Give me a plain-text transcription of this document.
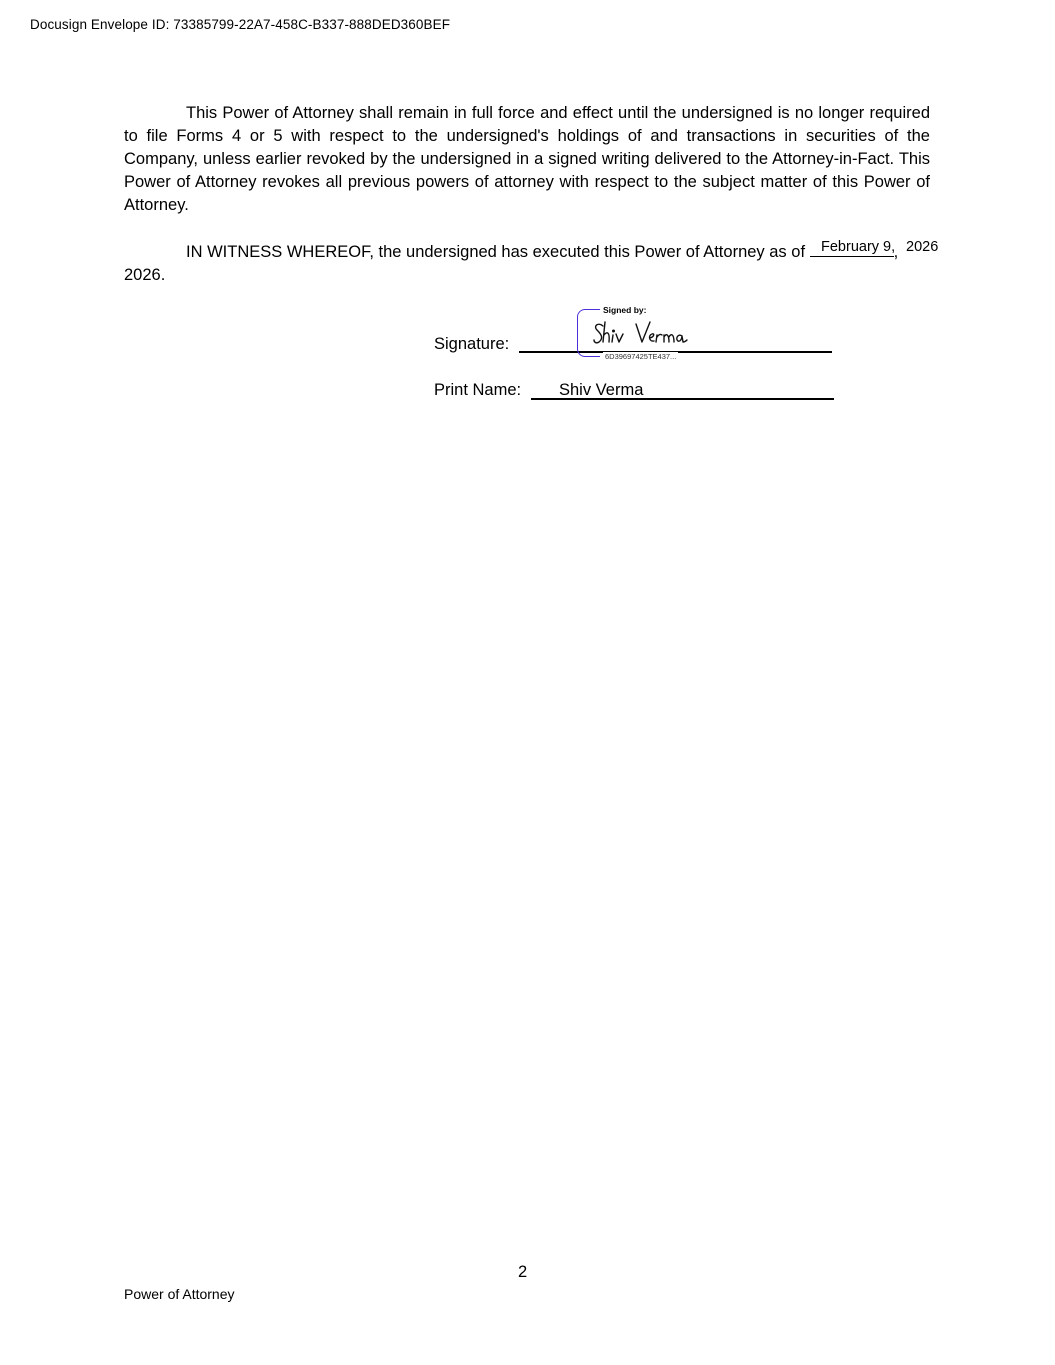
Docusign Envelope ID: 73385799-22A7-458C-B337-888DED360BEF

This Power of Attorney shall remain in full force and effect until the undersigned is no longer required to file Forms 4 or 5 with respect to the undersigned's holdings of and transactions in securities of the Company, unless earlier revoked by the undersigned in a signed writing delivered to the Attorney-in-Fact. This Power of Attorney revokes all previous powers of attorney with respect to the subject matter of this Power of Attorney.

IN WITNESS WHEREOF, the undersigned has executed this Power of Attorney as of	,
2026.

February 9, 2026
Signature:
Signed by:
Shiv Verma
6D39697425TE437...
Print Name: Shiv Verma
2
Power of Attorney
